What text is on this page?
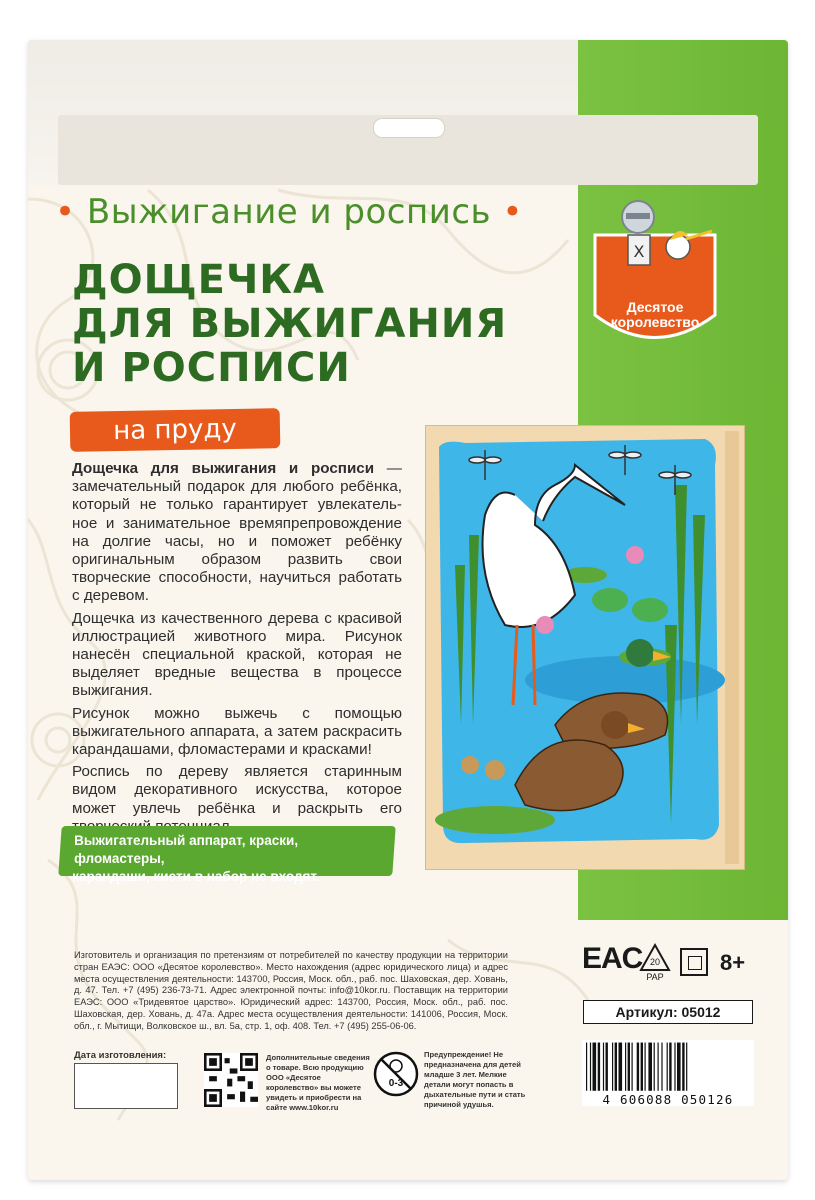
• Выжигание и роспись •
ДОЩЕЧКА
ДЛЯ ВЫЖИГАНИЯ
И РОСПИСИ
на пруду

Дощечка для выжигания и росписи — замечательный подарок для любого ребёнка, который не только гарантирует увлекатель-ное и занимательное времяпрепровождение на долгие часы, но и поможет ребёнку оригинальным образом развить свои творческие способности, научиться работать с деревом.

Дощечка из качественного дерева с красивой иллюстрацией животного мира. Рисунок нанесён специальной краской, которая не выделяет вредные вещества в процессе выжигания.

Рисунок можно выжечь с помощью выжигательного аппарата, а затем раскрасить карандашами, фломастерами и красками!

Роспись по дереву является старинным видом декоративного искусства, которое может увлечь ребёнка и раскрыть его

Выжигательный аппарат, краски, фломастеры,
карандаши, кисти в набор не входят.
X
Десятое
королевство
Изготовитель и организация по претензиям от потребителей по качеству продукции на территории стран ЕАЭС: ООО «Десятое королевство». Место нахождения (адрес юридического лица) и адрес места осуществления деятельности: 143700, Россия, Моск. обл., раб. пос. Шаховская, дер. Ховань, д. 47. Тел. +7 (495) 236-73-71. Адрес электронной почты: info@10kor.ru. Поставщик на территории ЕАЭС: ООО «Тридевятое царство». Юридический адрес: 143700, Россия, Моск. обл., раб. пос. Шаховская, дер. Ховань, д. 47а. Адрес места осуществления деятельности: 141006, Россия, Моск. обл., г. Мытищи, Волковское ш., вл. 5а, стр. 1, оф. 408. Тел. +7 (495) 255-06-06.
EAC 20
PAP
8+
Артикул: 05012
Дата изготовления:	Дополнительные сведения о товаре. Всю продукцию ООО «Десятое королевство» вы можете увидеть и приобрести на сайте www.10kor.ru
0-3
Предупреждение! Не предназначена для детей младше 3 лет. Мелкие детали могут попасть в дыхательные пути и стать причиной удушья.	4 606088 050126
